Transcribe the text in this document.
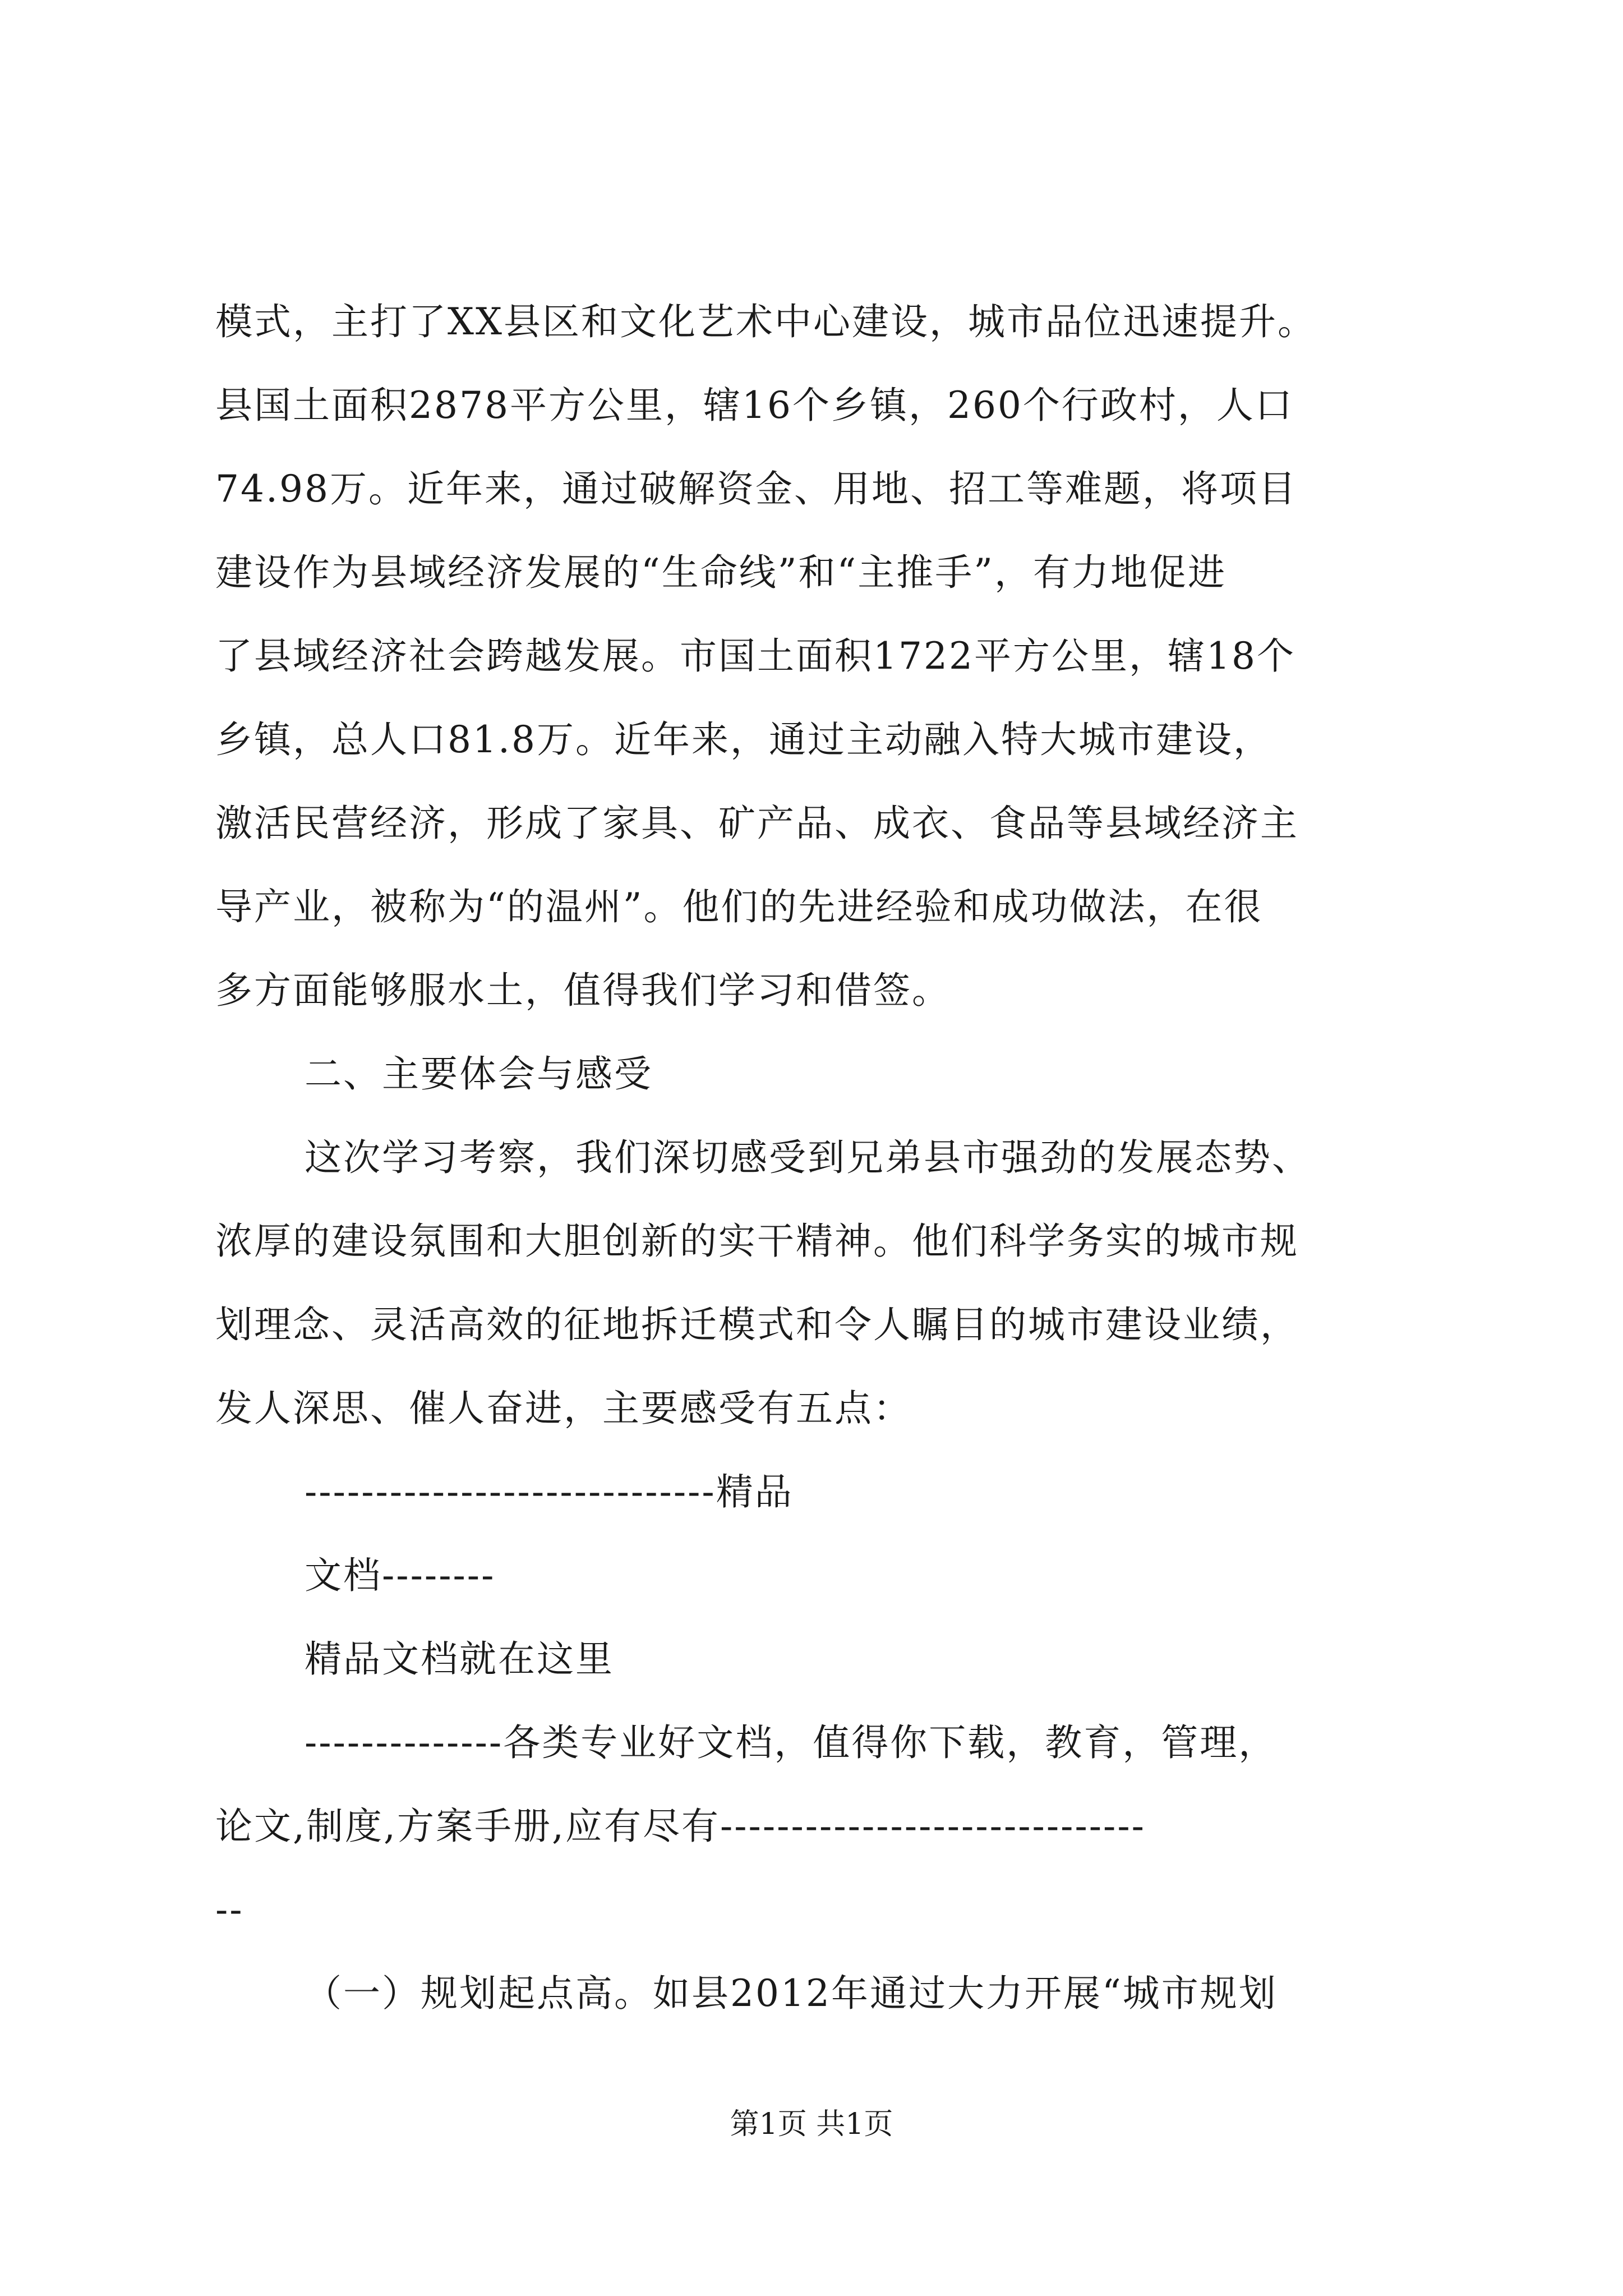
模式，主打了XX县区和文化艺术中心建设，城市品位迅速提升。
县国土面积2878平方公里，辖16个乡镇，260个行政村，人口
74.98万。近年来，通过破解资金、用地、招工等难题，将项目
建设作为县域经济发展的“生命线”和“主推手”，有力地促进
了县域经济社会跨越发展。市国土面积1722平方公里，辖18个
乡镇，总人口81.8万。近年来，通过主动融入特大城市建设，
激活民营经济，形成了家具、矿产品、成衣、食品等县域经济主
导产业，被称为“的温州”。他们的先进经验和成功做法，在很
多方面能够服水土，值得我们学习和借签。
二、主要体会与感受
这次学习考察，我们深切感受到兄弟县市强劲的发展态势、
浓厚的建设氛围和大胆创新的实干精神。他们科学务实的城市规
划理念、灵活高效的征地拆迁模式和令人瞩目的城市建设业绩，
发人深思、催人奋进，主要感受有五点：
-----------------------------精品
文档--------
精品文档就在这里
--------------各类专业好文档，值得你下载，教育，管理，
论文,制度,方案手册,应有尽有------------------------------
--
（一）规划起点高。如县2012年通过大力开展“城市规划
第1页 共1页
